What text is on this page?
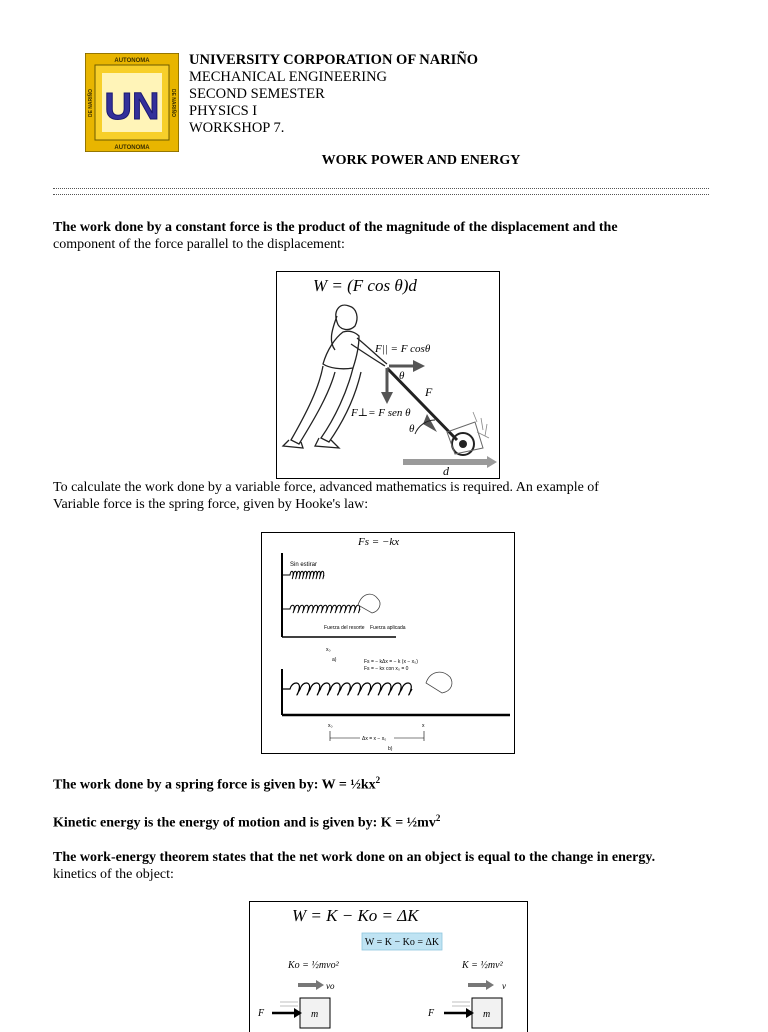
AUTONOMA
AUTONOMA
DE NARIÑO	DE NARIÑO
UN
UNIVERSITY CORPORATION OF NARIÑO
MECHANICAL ENGINEERING
SECOND SEMESTER
PHYSICS I
WORKSHOP 7.
WORK POWER AND ENERGY
The work done by a constant force is the product of the magnitude of the displacement and the
component of the force parallel to the displacement:
W = (F cos θ)d
F|| = F cosθ
θ
F
F⊥= F sen θ
θ
d
To calculate the work done by a variable force, advanced mathematics is required. An example of
Variable force is the spring force, given by Hooke's law:
Fs = −kx
Sin estirar
Fuerza del resorte Fuerza aplicada
x₀
a)	Fs = − kΔx = − k (x − x₀)
Fs = − kx con x₀ = 0
x₀	x
Δx = x − x₀
b)
The work done by a spring force is given by: $W = \frac{1}{2}kx^2$
Kinetic energy is the energy of motion and is given by: $K = \frac{1}{2}mv^2$
The work-energy theorem states that the net work done on an object is equal to the change in energy.
kinetics of the object:
W = K − Ko = ΔK
W = K − Ko = ΔK
Ko = ½mvo²	K = ½mv²
vo	v
F	m	F	m
